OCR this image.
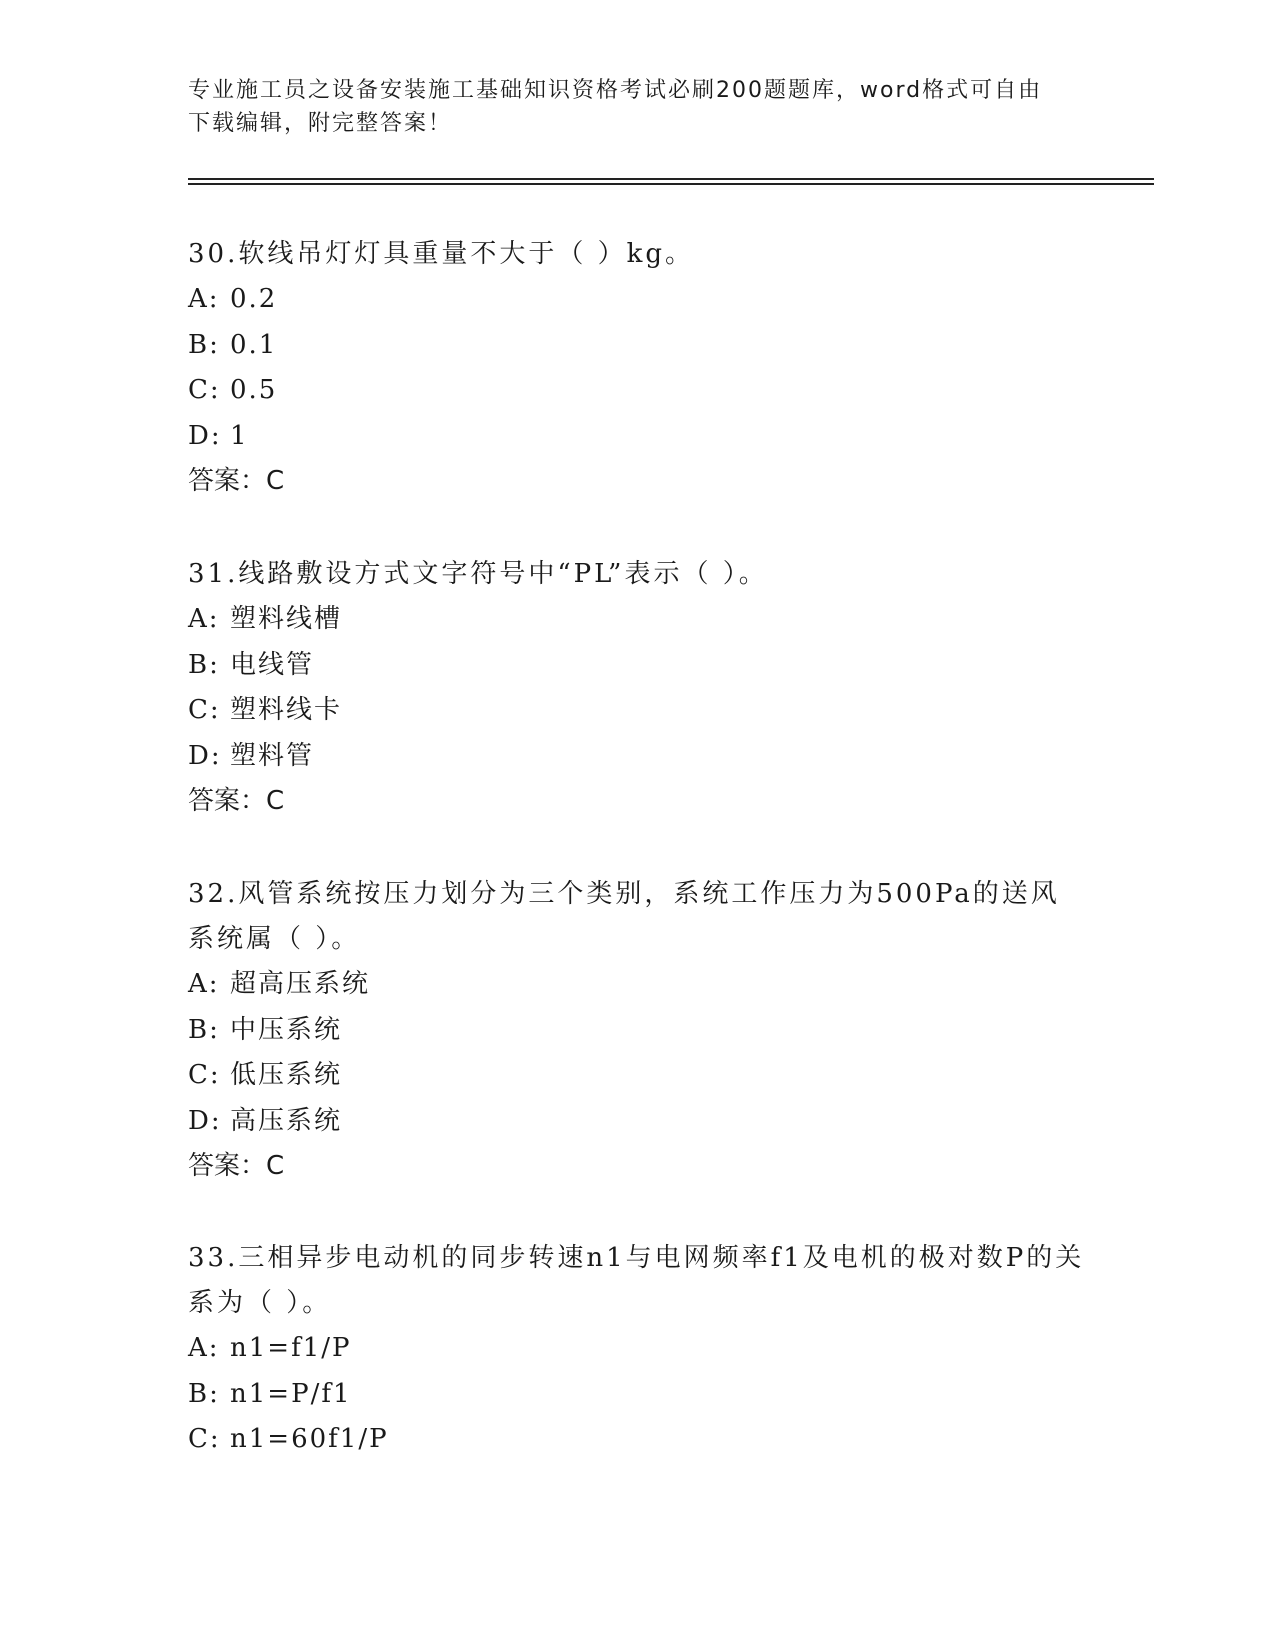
专业施工员之设备安装施工基础知识资格考试必刷200题题库，word格式可自由
下载编辑，附完整答案！

30.软线吊灯灯具重量不大于（ ）kg。

A: 0.2

B: 0.1

C: 0.5

D: 1

答案：C

31.线路敷设方式文字符号中“PL”表示（ ）。

A: 塑料线槽

B: 电线管

C: 塑料线卡

D: 塑料管

答案：C

32.风管系统按压力划分为三个类别，系统工作压力为500Pa的送风系统属（ ）。

A: 超高压系统

B: 中压系统

C: 低压系统

D: 高压系统

答案：C

33.三相异步电动机的同步转速n1与电网频率f1及电机的极对数P的关系为（ ）。

A: n1=f1/P

B: n1=P/f1

C: n1=60f1/P
